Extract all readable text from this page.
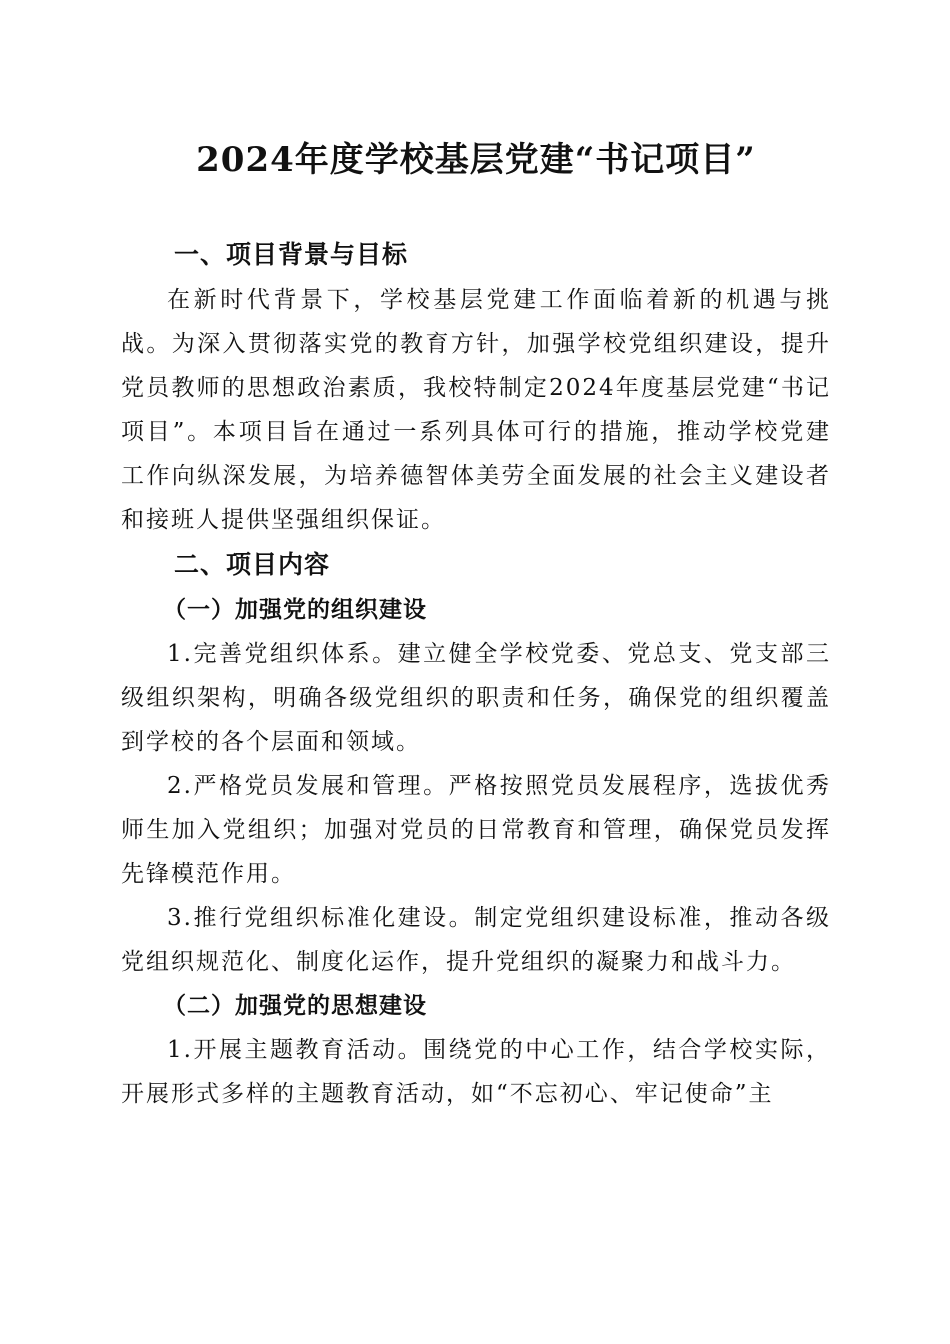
2024年度学校基层党建“书记项目”
一、项目背景与目标

在新时代背景下，学校基层党建工作面临着新的机遇与挑战。为深入贯彻落实党的教育方针，加强学校党组织建设，提升党员教师的思想政治素质，我校特制定2024年度基层党建“书记项目”。本项目旨在通过一系列具体可行的措施，推动学校党建工作向纵深发展，为培养德智体美劳全面发展的社会主义建设者和接班人提供坚强组织保证。

二、项目内容
（一）加强党的组织建设

1.完善党组织体系。建立健全学校党委、党总支、党支部三级组织架构，明确各级党组织的职责和任务，确保党的组织覆盖到学校的各个层面和领域。

2.严格党员发展和管理。严格按照党员发展程序，选拔优秀师生加入党组织；加强对党员的日常教育和管理，确保党员发挥先锋模范作用。

3.推行党组织标准化建设。制定党组织建设标准，推动各级党组织规范化、制度化运作，提升党组织的凝聚力和战斗力。

（二）加强党的思想建设

1.开展主题教育活动。围绕党的中心工作，结合学校实际，开展形式多样的主题教育活动，如“不忘初心、牢记使命”主
